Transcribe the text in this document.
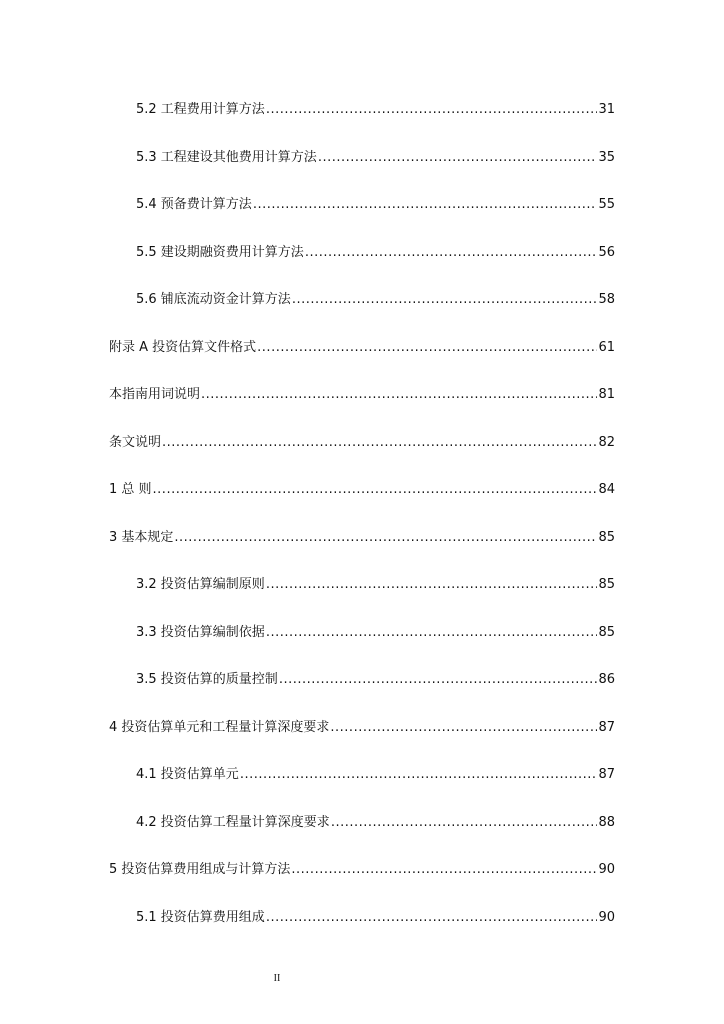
5.2 工程费用计算方法 .....	31
5.3 工程建设其他费用计算方法 .....	35
5.4 预备费计算方法 .....	55
5.5 建设期融资费用计算方法 .....	56
5.6 铺底流动资金计算方法 .....	58
附录 A 投资估算文件格式 .....	61
本指南用词说明 .....	81
条文说明 .....	82
1 总 则 .....	84
3 基本规定 .....	85
3.2 投资估算编制原则 .....	85
3.3 投资估算编制依据 .....	85
3.5 投资估算的质量控制 .....	86
4 投资估算单元和工程量计算深度要求 .....	87
4.1 投资估算单元 .....	87
4.2 投资估算工程量计算深度要求 .....	88
5 投资估算费用组成与计算方法 .....	90
5.1 投资估算费用组成 .....	90
II
